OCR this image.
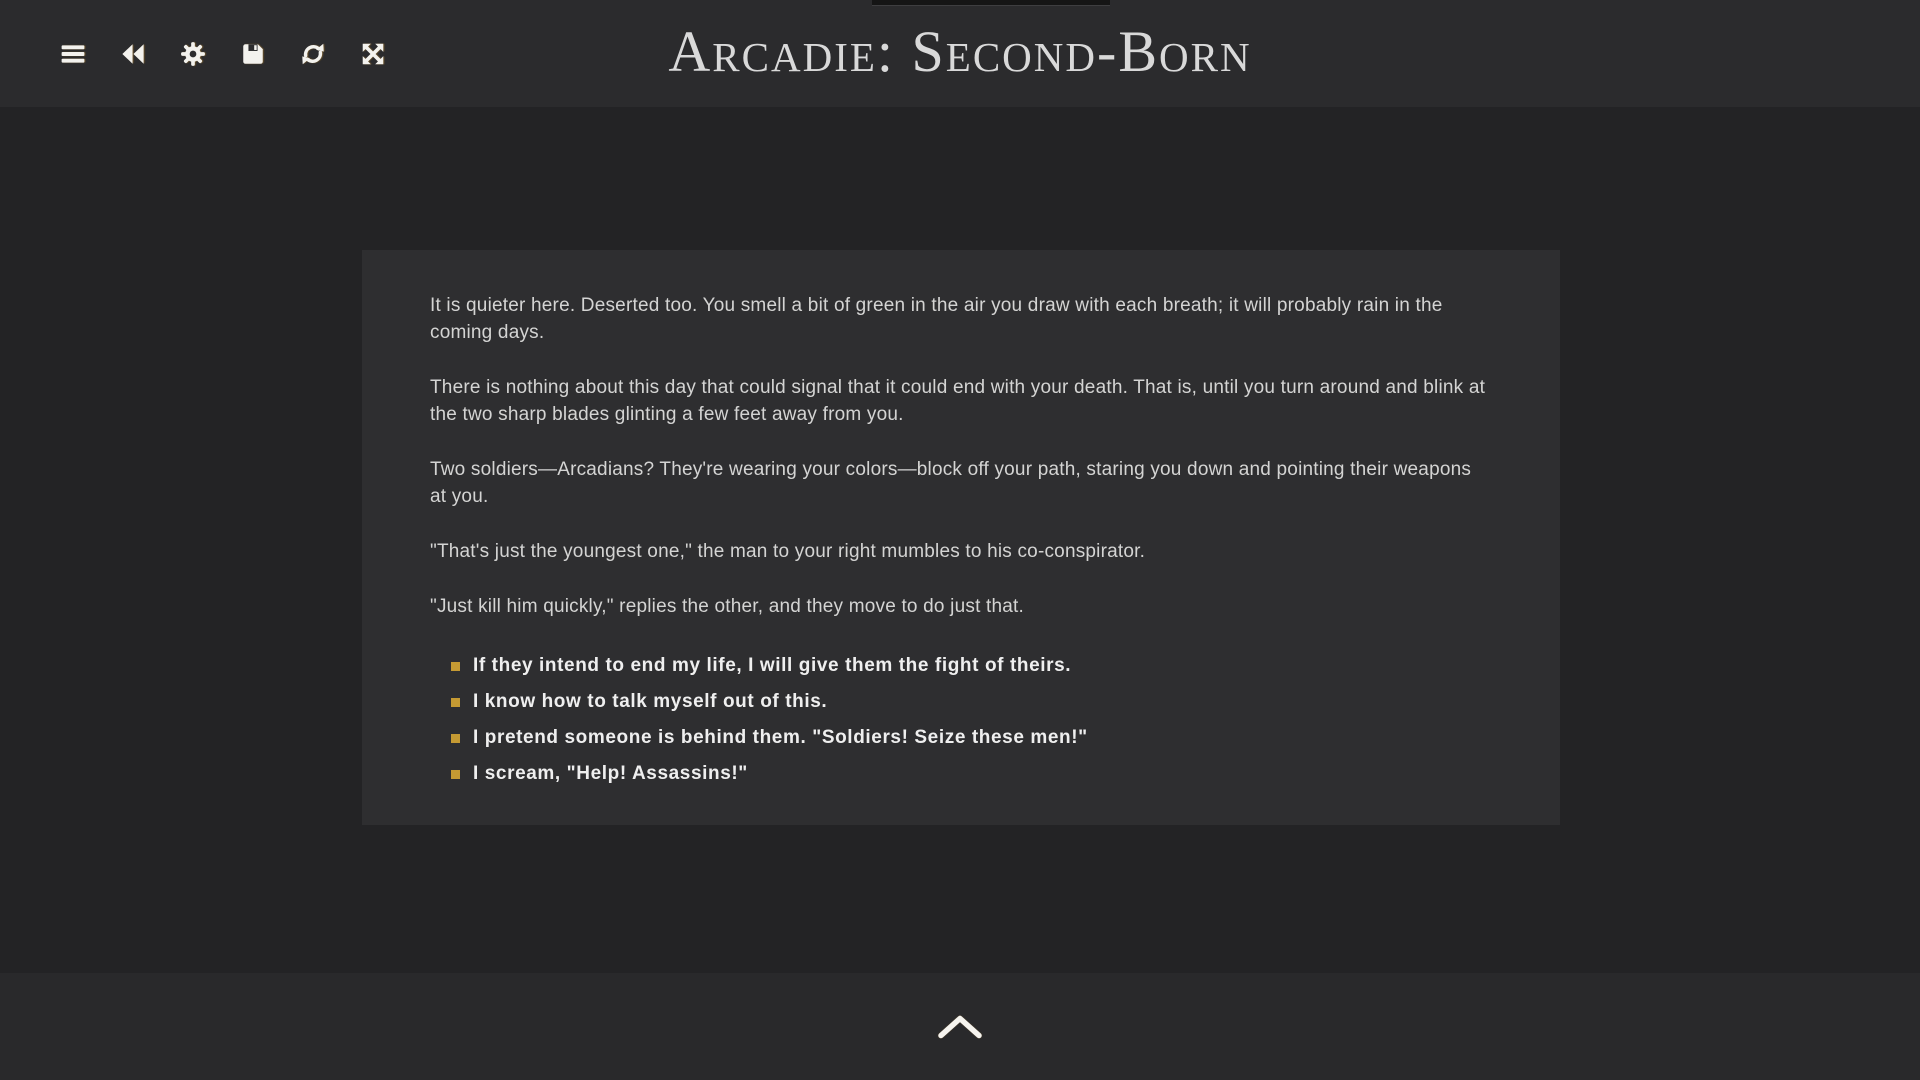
Arcadie: Second-Born

It is quieter here. Deserted too. You smell a bit of green in the air you draw with each breath; it will probably rain in the coming days.

There is nothing about this day that could signal that it could end with your death. That is, until you turn around and blink at the two sharp blades glinting a few feet away from you.

Two soldiers—Arcadians? They're wearing your colors—block off your path, staring you down and pointing their weapons at you.

"That's just the youngest one," the man to your right mumbles to his co-conspirator.

"Just kill him quickly," replies the other, and they move to do just that.

If they intend to end my life, I will give them the fight of theirs.
I know how to talk myself out of this.
I pretend someone is behind them. "Soldiers! Seize these men!"
I scream, "Help! Assassins!"
